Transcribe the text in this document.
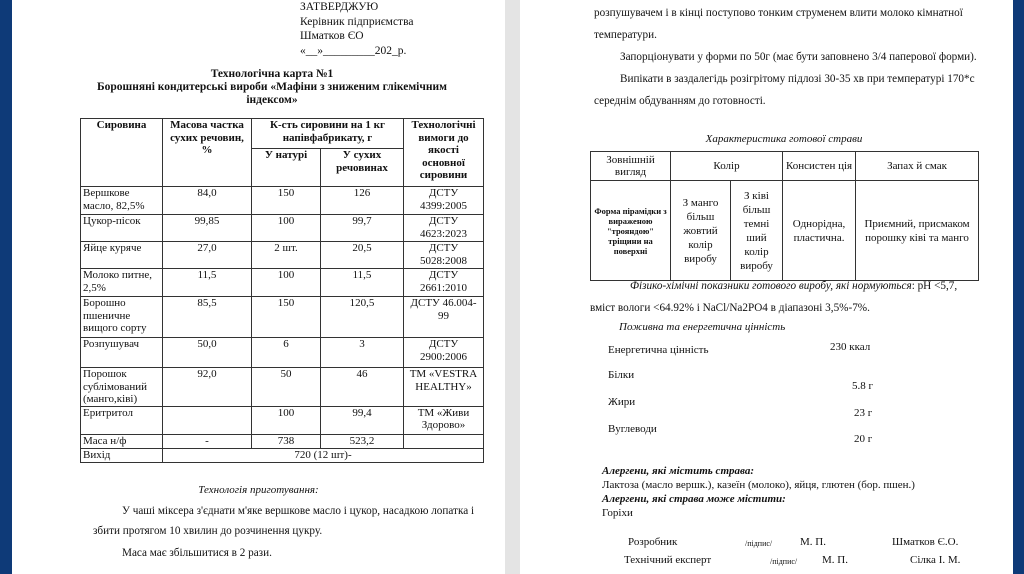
ЗАТВЕРДЖУЮ
Керівник підприємства
Шматков ЄО
«__»_________202_р.
Технологічна карта №1
Борошняні кондитерські вироби «Мафіни з зниженим глікемічним
індексом»
Сировина	Масова частка сухих речовин, %	К-сть сировини на 1 кг напівфабрикату, г		Технологічні вимоги до якості основної сировини
		У натурі	У сухих речовинах	
Вершкове масло, 82,5%	84,0	150	126	ДСТУ 4399:2005
Цукор-пісок	99,85	100	99,7	ДСТУ 4623:2023
Яйце куряче	27,0	2 шт.	20,5	ДСТУ 5028:2008
Молоко питне, 2,5%	11,5	100	11,5	ДСТУ 2661:2010
Борошно пшеничне вищого сорту	85,5	150	120,5	ДСТУ 46.004-99
Розпушувач	50,0	6	3	ДСТУ 2900:2006
Порошок сублімований (манго,ківі)	92,0	50	46	ТМ «VESTRA HEALTHY»
Еритритол		100	99,4	ТМ «Живи Здорово»
Маса н/ф	-	738	523,2	
Вихід	720 (12 шт)-			
Технологія приготування:
У чаші міксера з'єднати м'яке вершкове масло і цукор, насадкою лопатка і
збити протягом 10 хвилин до розчинення цукру.
Маса має збільшитися в 2 рази.
розпушувачем і в кінці поступово тонким струменем влити молоко кімнатної
температури.
Запорціонувати у форми по 50г (має бути заповнено 3/4 паперової форми).
Випікати в заздалегідь розігрітому підлозі 30-35 хв при температурі 170*с
середнім обдуванням до готовності.
Характеристика готової страви
Зовнішній вигляд	Колір		Консистен ція	Запах й смак
Форма пірамідки з вираженою "трояндою" тріщини на поверхні	З манго більш жовтий колір виробу	З ківі більш темні ший колір виробу	Одноріднa, пластичнa.	Приємний, присмаком порошку ківі та манго
Фізико-хімічні показники готового виробу, які нормуються: pH <5,7,
вміст вологи <64.92% і NaCl/Na2PO4 в діапазоні 3,5%-7%.
Поживна та енергетична цінність
Енергетична цінність	230 ккал
Білки
5.8 г
Жири
23 г
Вуглеводи
20 г
Алергени, які містить страва:
Лактоза (масло вершк.), казеїн (молоко), яйця, глютен (бор. пшен.)
Алергени, які страва може містити:
Горіхи
Розробник	/підпис/	М. П.	Шматков Є.О.
Технічний експерт	/підпис/ М. П.	Сілка І. М.
